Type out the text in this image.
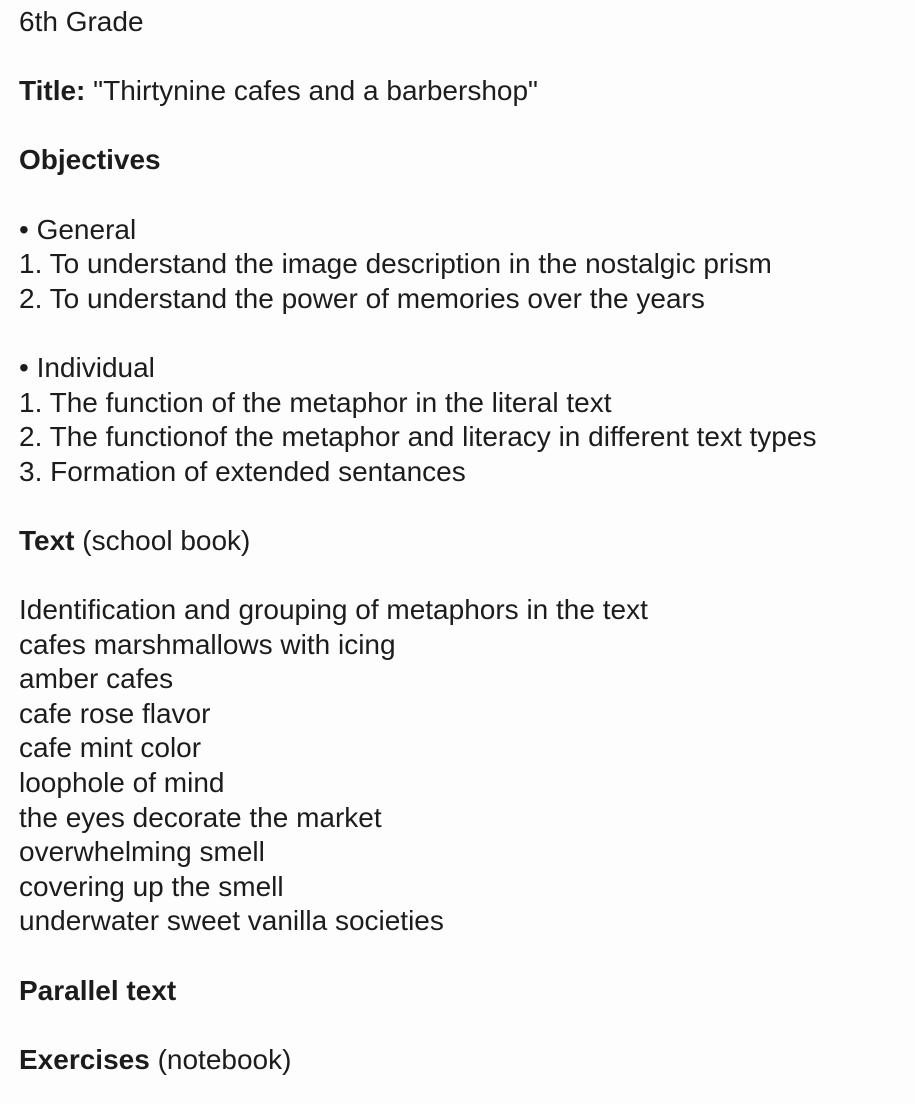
6th Grade

Title: "Thirtynine cafes and a barbershop"

Objectives

• General

1. To understand the image description in the nostalgic prism

2. To understand the power of memories over the years

• Individual

1. The function of the metaphor in the literal text

2. The functionof the metaphor and literacy in different text types

3. Formation of extended sentances

Text (school book)

Identification and grouping of metaphors in the text

cafes marshmallows with icing

amber cafes

cafe rose flavor

cafe mint color

loophole of mind

the eyes decorate the market

overwhelming smell

covering up the smell

underwater sweet vanilla societies

Parallel text

Exercises (notebook)
